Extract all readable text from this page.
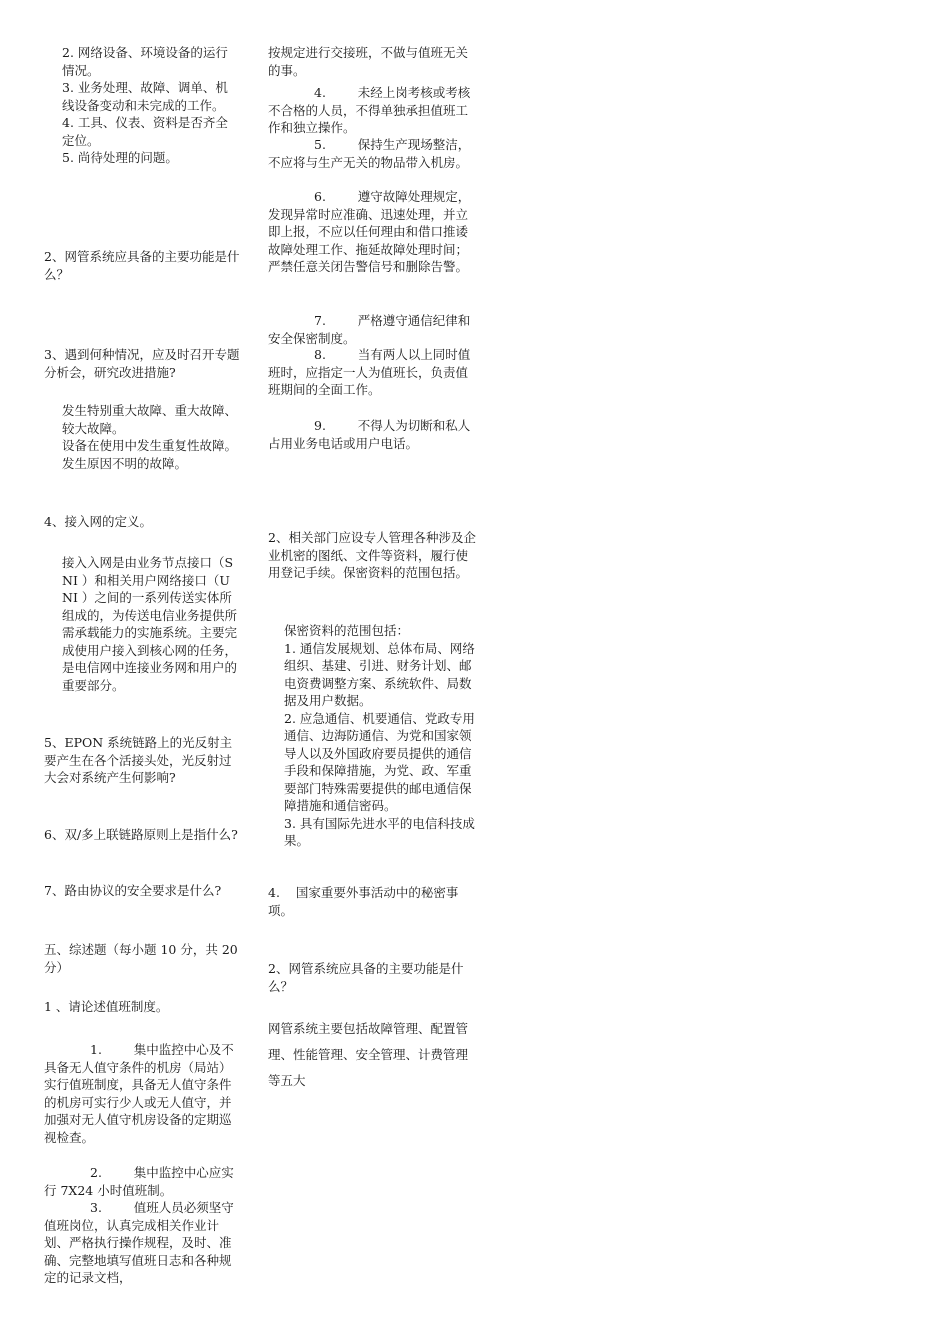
2. 网络设备、环境设备的运行情况。

3. 业务处理、故障、调单、机线设备变动和未完成的工作。

4. 工具、仪表、资料是否齐全定位。

5. 尚待处理的问题。

2、网管系统应具备的主要功能是什么？

3、遇到何种情况，应及时召开专题分析会，研究改进措施?

发生特别重大故障、重大故障、较大故障。

设备在使用中发生重复性故障。

发生原因不明的故障。

4、接入网的定义。

接入入网是由业务节点接口（SNI ）和相关用户网络接口（UNI ）之间的一系列传送实体所组成的，为传送电信业务提供所需承载能力的实施系统。主要完成使用户接入到核心网的任务，是电信网中连接业务网和用户的重要部分。

5、EPON 系统链路上的光反射主要产生在各个活接头处，光反射过大会对系统产生何影响?

6、双/多上联链路原则上是指什么?

7、路由协议的安全要求是什么?

五、综述题（每小题 10 分，共 20 分）

1 、请论述值班制度。

1.        集中监控中心及不具备无人值守条件的机房（局站）实行值班制度，具备无人值守条件的机房可实行少人或无人值守，并加强对无人值守机房设备的定期巡视检查。

2.        集中监控中心应实行 7X24 小时值班制。

3.        值班人员必须坚守值班岗位，认真完成相关作业计划、严格执行操作规程，及时、准确、完整地填写值班日志和各种规定的记录文档，

按规定进行交接班，不做与值班无关的事。

4.        未经上岗考核或考核不合格的人员，不得单独承担值班工作和独立操作。

5.        保持生产现场整洁，不应将与生产无关的物品带入机房。

6.        遵守故障处理规定，发现异常时应准确、迅速处理，并立即上报，不应以任何理由和借口推诿故障处理工作、拖延故障处理时间；严禁任意关闭告警信号和删除告警。

7.        严格遵守通信纪律和安全保密制度。

8.        当有两人以上同时值班时，应指定一人为值班长，负责值班期间的全面工作。

9.        不得人为切断和私人占用业务电话或用户电话。

2、相关部门应设专人管理各种涉及企业机密的图纸、文件等资料，履行使用登记手续。保密资料的范围包括。

保密资料的范围包括：

1. 通信发展规划、总体布局、网络组织、基建、引进、财务计划、邮电资费调整方案、系统软件、局数据及用户数据。

2. 应急通信、机要通信、党政专用通信、边海防通信、为党和国家领导人以及外国政府要员提供的通信手段和保障措施，为党、政、军重要部门特殊需要提供的邮电通信保障措施和通信密码。

3. 具有国际先进水平的电信科技成果。

4.    国家重要外事活动中的秘密事项。

2、网管系统应具备的主要功能是什么？

网管系统主要包括故障管理、配置管理、性能管理、安全管理、计费管理等五大
